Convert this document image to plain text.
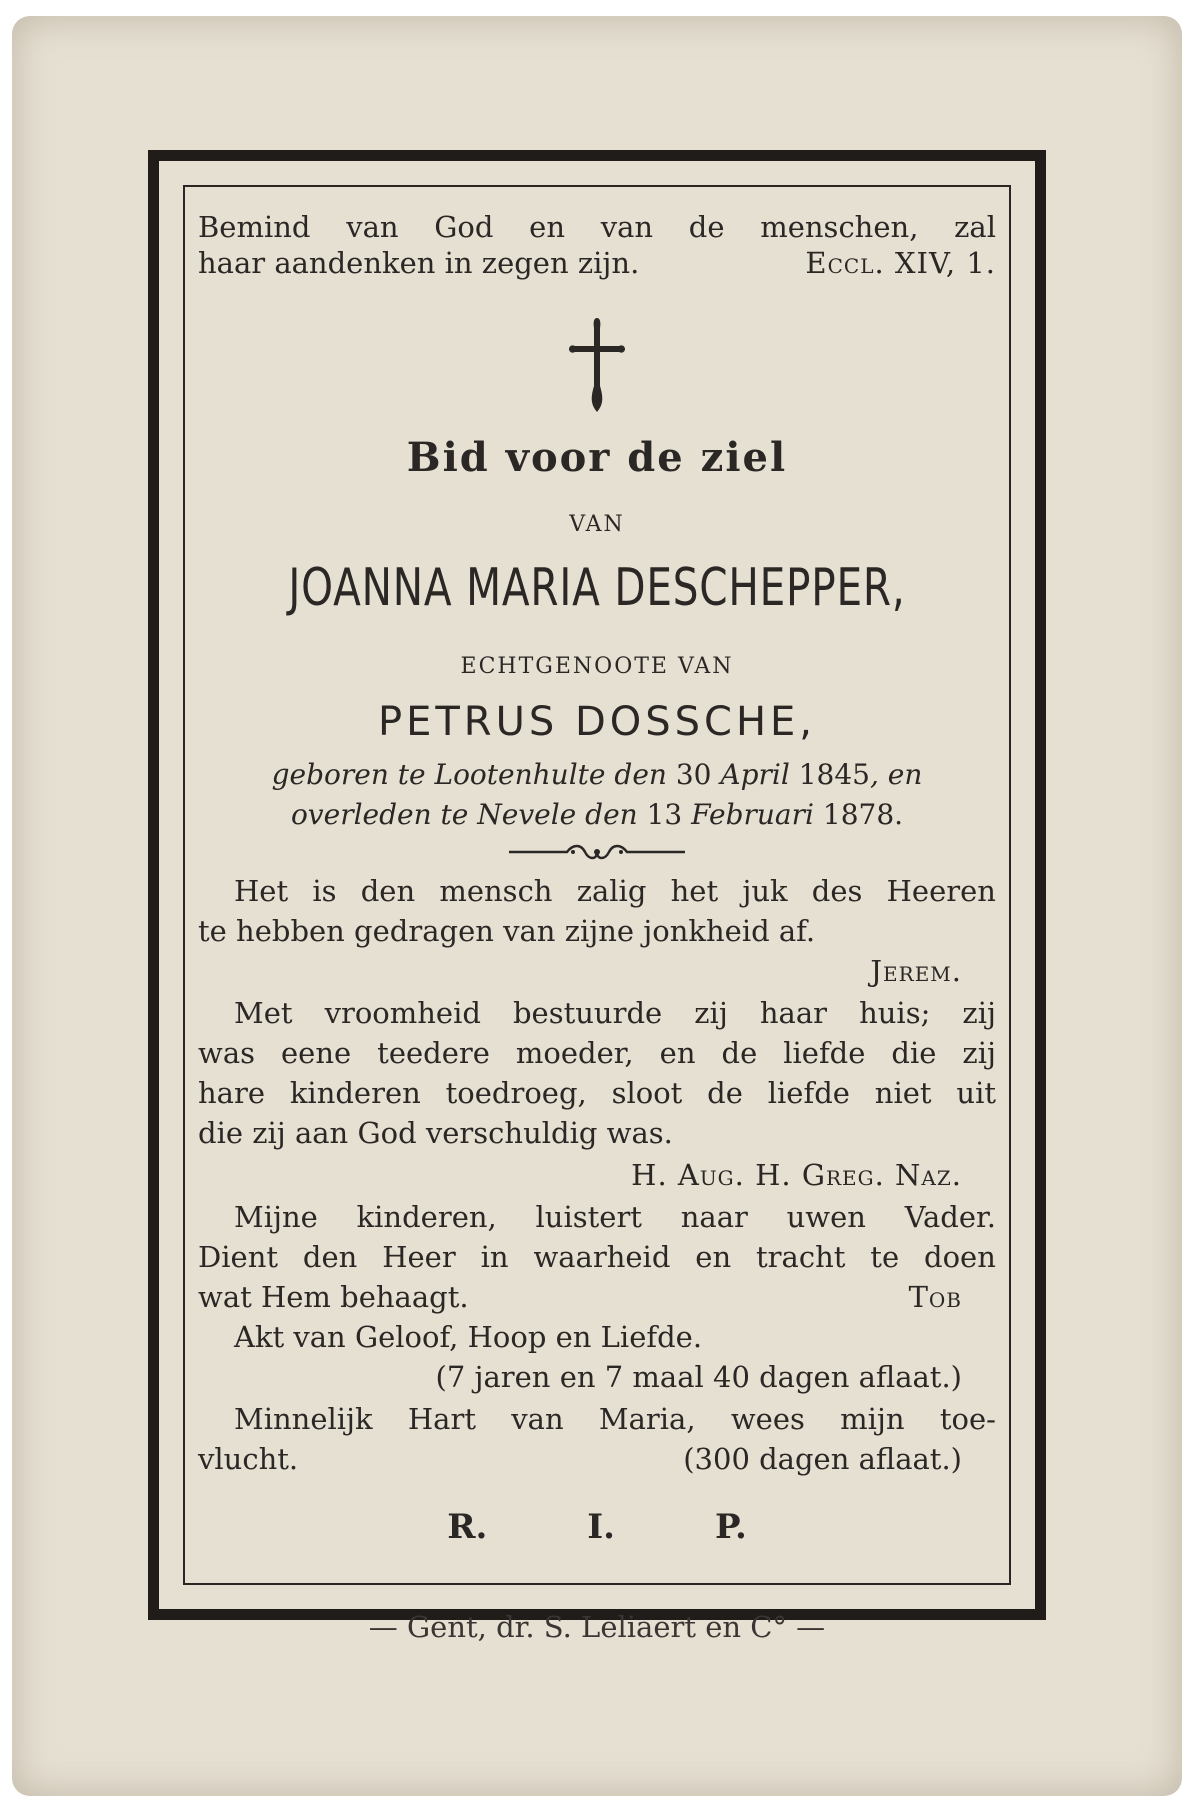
Bemind van God en van de menschen, zal
haar aandenken in zegen zijn.	Eccl. XIV, 1.
Bid voor de ziel
VAN
JOANNA MARIA DESCHEPPER,
ECHTGENOOTE VAN
PETRUS DOSSCHE,
geboren te Lootenhulte den 30 April 1845, en
overleden te Nevele den 13 Februari 1878.
Het is den mensch zalig het juk des Heeren
te hebben gedragen van zijne jonkheid af.
Jerem.
Met vroomheid bestuurde zij haar huis; zij
was eene teedere moeder, en de liefde die zij
hare kinderen toedroeg, sloot de liefde niet uit
die zij aan God verschuldig was.
H. Aug. H. Greg. Naz.
Mijne kinderen, luistert naar uwen Vader.
Dient den Heer in waarheid en tracht te doen
wat Hem behaagt.	Tob
Akt van Geloof, Hoop en Liefde.
(7 jaren en 7 maal 40 dagen aflaat.)
Minnelijk Hart van Maria, wees mijn toe-
vlucht.	(300 dagen aflaat.)
R.	I.	P.
— Gent, dr. S. Leliaert en C° —
